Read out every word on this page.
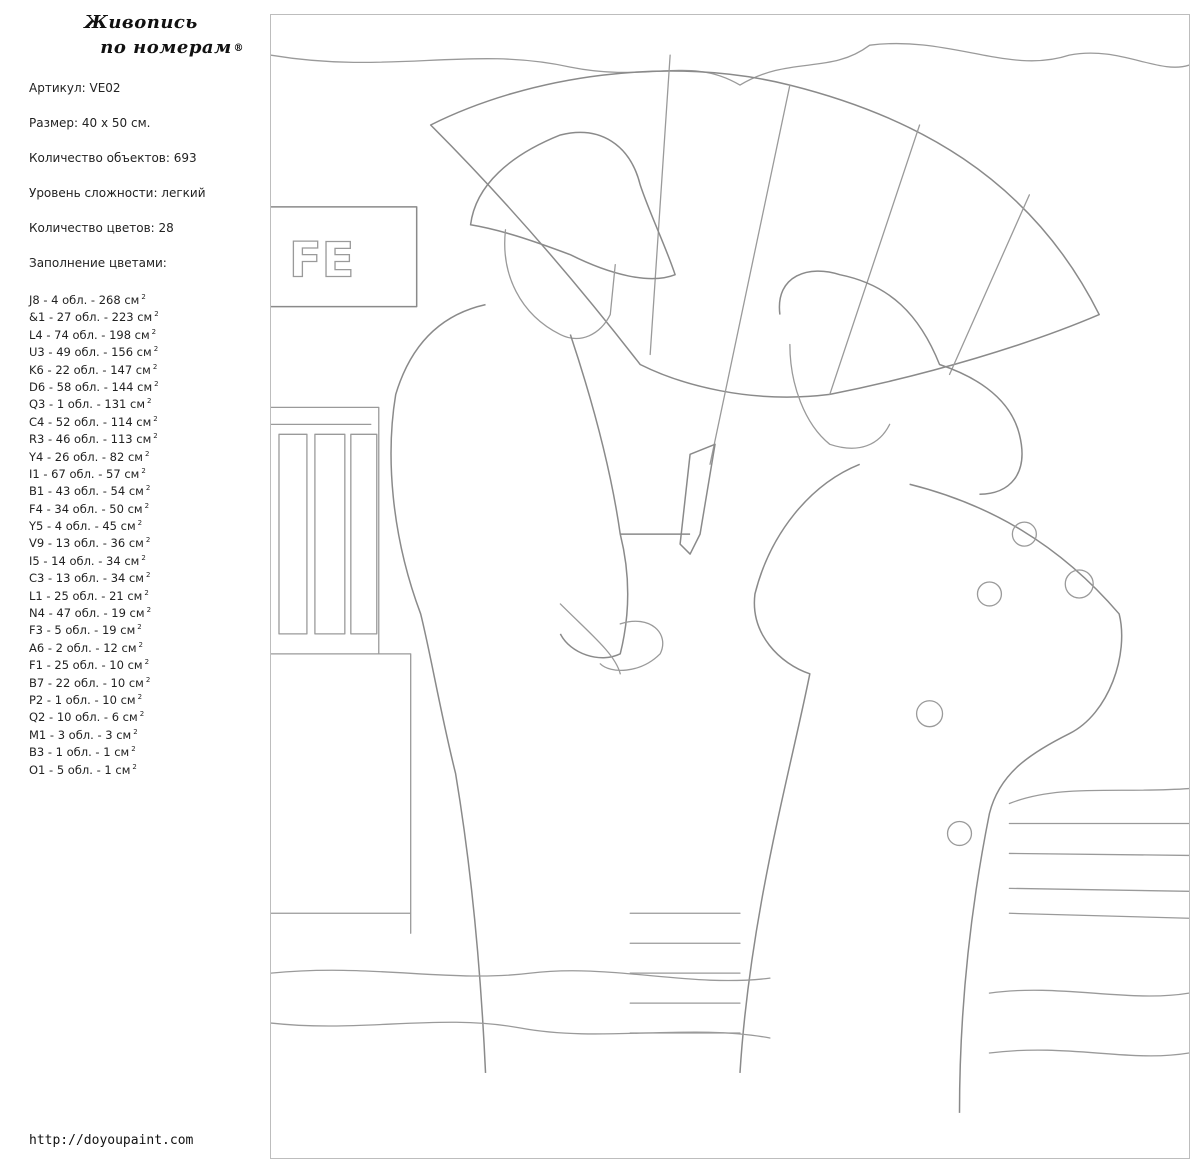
Живопись
по номерам ®
Артикул: VE02
Размер: 40 x 50 см.
Количество объектов: 693
Уровень сложности: легкий
Количество цветов: 28
Заполнение цветами:
J8 - 4 обл. - 268 см $^2$
&1 - 27 обл. - 223 см $^2$
L4 - 74 обл. - 198 см $^2$
U3 - 49 обл. - 156 см $^2$
K6 - 22 обл. - 147 см $^2$
D6 - 58 обл. - 144 см $^2$
Q3 - 1 обл. - 131 см $^2$
C4 - 52 обл. - 114 см $^2$
R3 - 46 обл. - 113 см $^2$
Y4 - 26 обл. - 82 см $^2$
I1 - 67 обл. - 57 см $^2$
B1 - 43 обл. - 54 см $^2$
F4 - 34 обл. - 50 см $^2$
Y5 - 4 обл. - 45 см $^2$
V9 - 13 обл. - 36 см $^2$
I5 - 14 обл. - 34 см $^2$
C3 - 13 обл. - 34 см $^2$
L1 - 25 обл. - 21 см $^2$
N4 - 47 обл. - 19 см $^2$
F3 - 5 обл. - 19 см $^2$
A6 - 2 обл. - 12 см $^2$
F1 - 25 обл. - 10 см $^2$
B7 - 22 обл. - 10 см $^2$
P2 - 1 обл. - 10 см $^2$
Q2 - 10 обл. - 6 см $^2$
M1 - 3 обл. - 3 см $^2$
B3 - 1 обл. - 1 см $^2$
O1 - 5 обл. - 1 см $^2$
http://doyoupaint.com
FE
